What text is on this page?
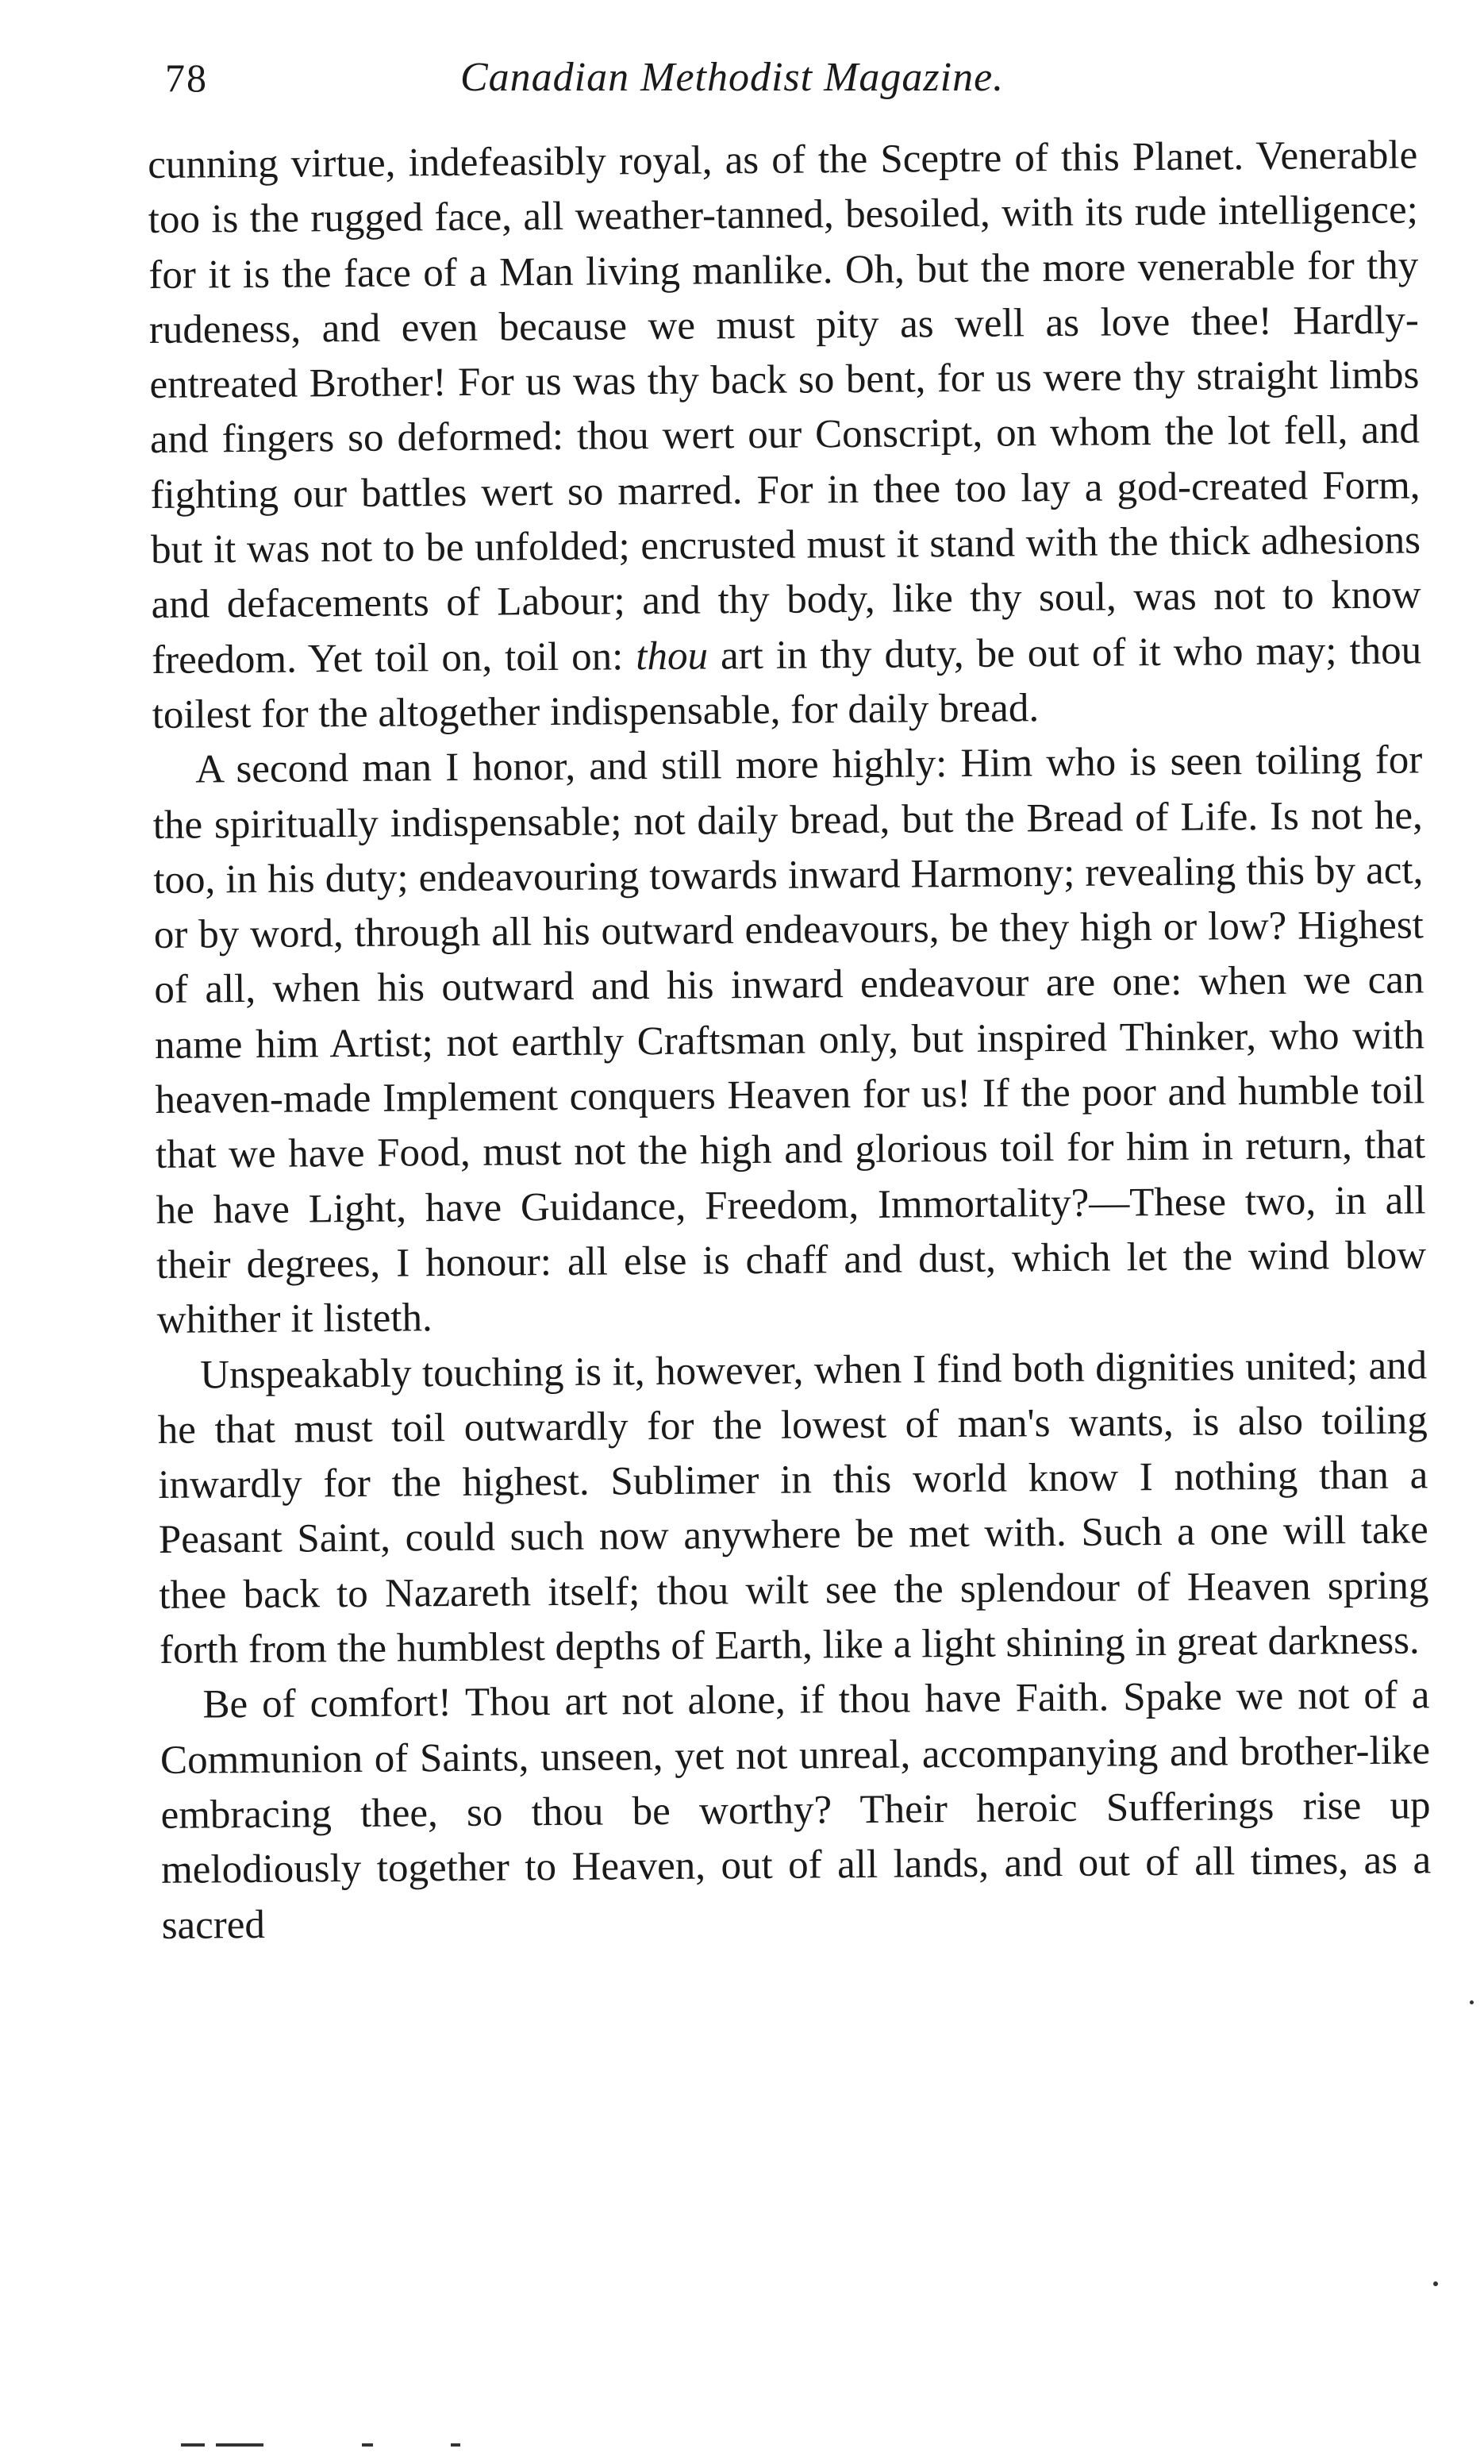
78	Canadian Methodist Magazine.

cunning virtue, indefeasibly royal, as of the Sceptre of this Planet. Venerable too is the rugged face, all weather-tanned, besoiled, with its rude intelligence; for it is the face of a Man living manlike. Oh, but the more venerable for thy rudeness, and even because we must pity as well as love thee! Hardly-entreated Brother! For us was thy back so bent, for us were thy straight limbs and fingers so deformed: thou wert our Conscript, on whom the lot fell, and fighting our battles wert so marred. For in thee too lay a god-created Form, but it was not to be unfolded; encrusted must it stand with the thick adhesions and defacements of Labour; and thy body, like thy soul, was not to know freedom. Yet toil on, toil on: thou art in thy duty, be out of it who may; thou toilest for the altogether indispensable, for daily bread.

A second man I honor, and still more highly: Him who is seen toiling for the spiritually indispensable; not daily bread, but the Bread of Life. Is not he, too, in his duty; endeavouring towards inward Harmony; revealing this by act, or by word, through all his outward endeavours, be they high or low? Highest of all, when his outward and his inward endeavour are one: when we can name him Artist; not earthly Craftsman only, but inspired Thinker, who with heaven-made Implement conquers Heaven for us! If the poor and humble toil that we have Food, must not the high and glorious toil for him in return, that he have Light, have Guidance, Freedom, Immortality?—These two, in all their degrees, I honour: all else is chaff and dust, which let the wind blow whither it listeth.

Unspeakably touching is it, however, when I find both dignities united; and he that must toil outwardly for the lowest of man's wants, is also toiling inwardly for the highest. Sublimer in this world know I nothing than a Peasant Saint, could such now anywhere be met with. Such a one will take thee back to Nazareth itself; thou wilt see the splendour of Heaven spring forth from the humblest depths of Earth, like a light shining in great darkness.

Be of comfort! Thou art not alone, if thou have Faith. Spake we not of a Communion of Saints, unseen, yet not unreal, accompanying and brother-like embracing thee, so thou be worthy? Their heroic Sufferings rise up melodiously together to Heaven, out of all lands, and out of all times, as a sacred
